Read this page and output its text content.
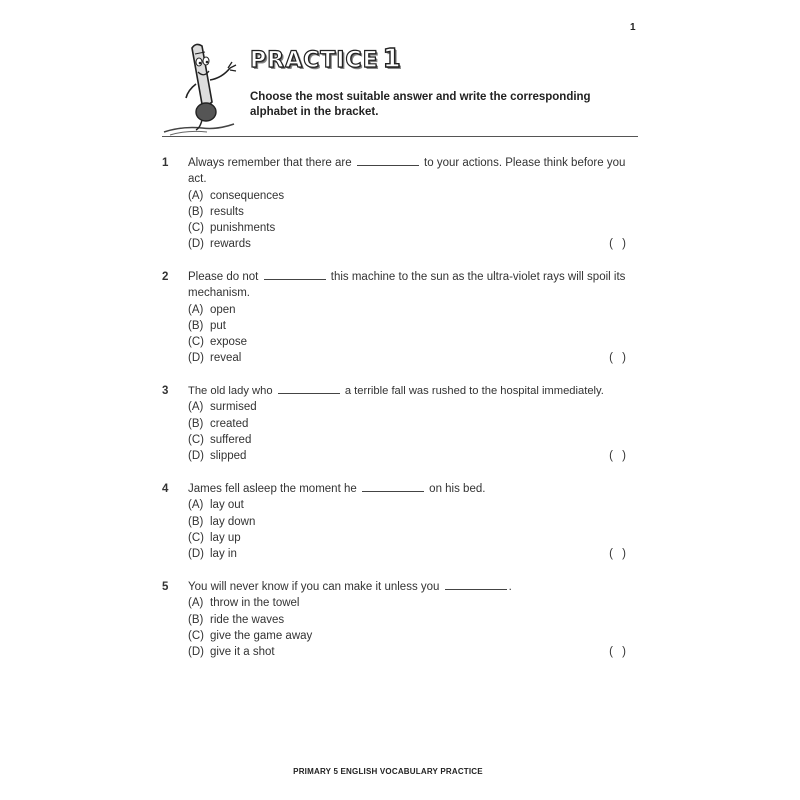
1
PRACTICE 1
Choose the most suitable answer and write the corresponding alphabet in the bracket.
1	Always remember that there are	to your actions. Please think before you act.
(A) consequences
(B) results
(C) punishments
(D) rewards	( )
2	Please do not	this machine to the sun as the ultra-violet rays will spoil its mechanism.
(A) open
(B) put
(C) expose
(D) reveal	( )
3	The old lady who	a terrible fall was rushed to the hospital immediately.
(A) surmised
(B) created
(C) suffered
(D) slipped	( )
4	James fell asleep the moment he	on his bed.
(A) lay out
(B) lay down
(C) lay up
(D) lay in	( )
5	You will never know if you can make it unless you	.
(A) throw in the towel
(B) ride the waves
(C) give the game away
(D) give it a shot	( )
PRIMARY 5 ENGLISH VOCABULARY PRACTICE
